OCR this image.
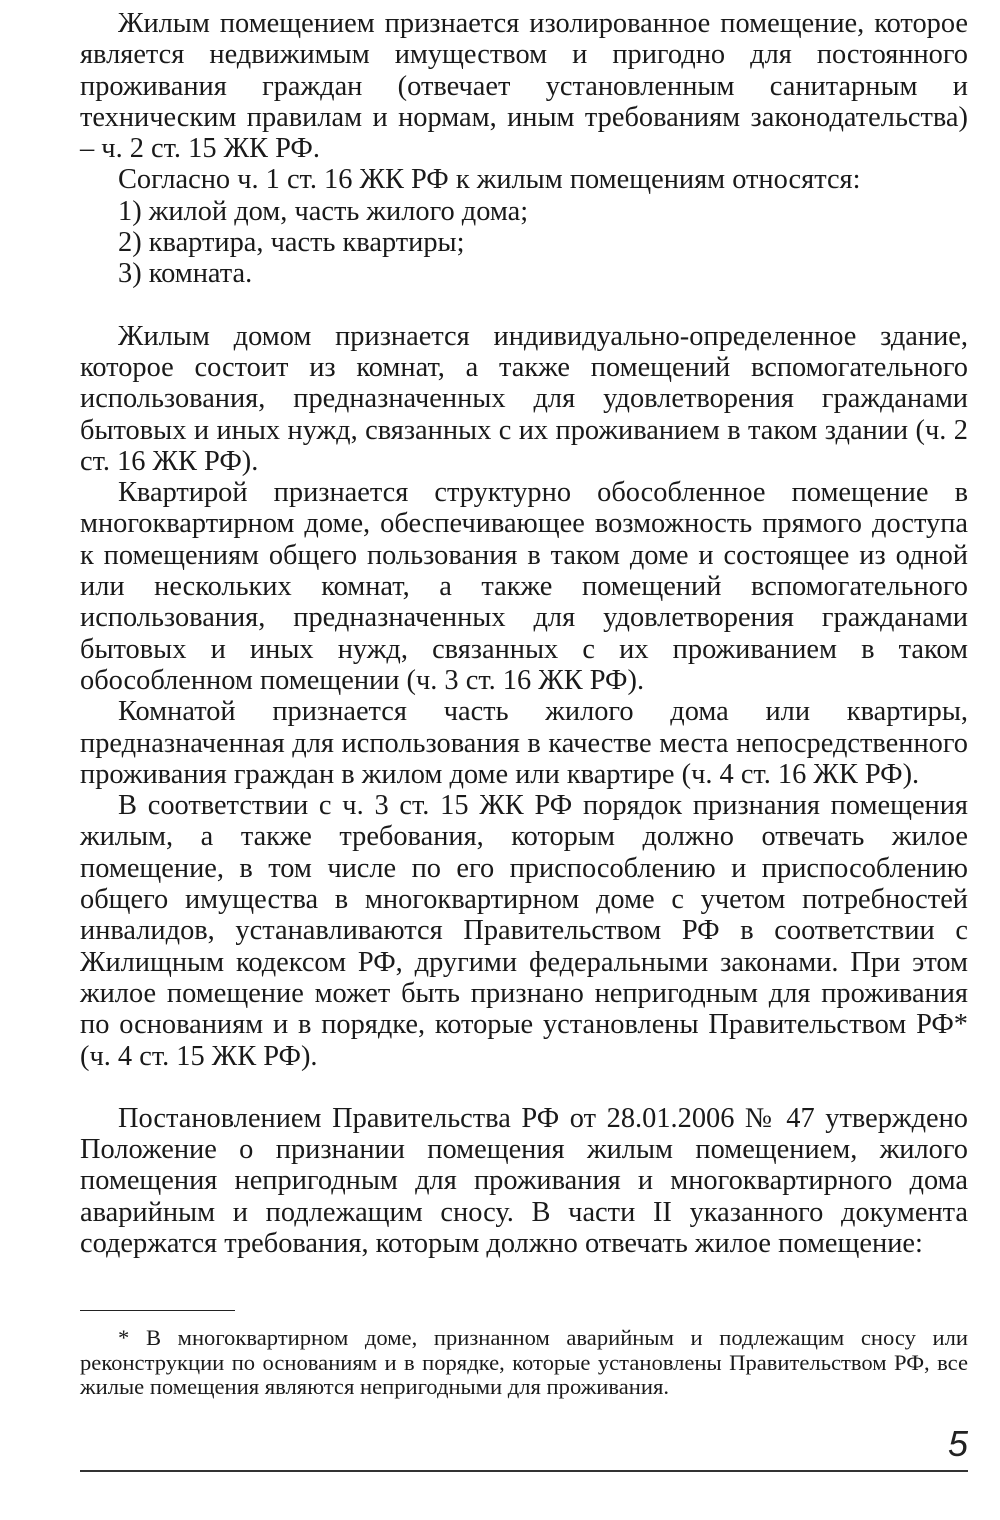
Жилым помещением признается изолированное помещение, которое является недвижимым имуществом и пригодно для постоянного проживания граждан (отвечает установленным санитарным и техническим правилам и нормам, иным требованиям законодательства) – ч. 2 ст. 15 ЖК РФ.

Согласно ч. 1 ст. 16 ЖК РФ к жилым помещениям относятся:

1) жилой дом, часть жилого дома;
2) квартира, часть квартиры;
3) комната.

Жилым домом признается индивидуально-определенное здание, которое состоит из комнат, а также помещений вспомогательного использования, предназначенных для удовлетворения гражданами бытовых и иных нужд, связанных с их проживанием в таком здании (ч. 2 ст. 16 ЖК РФ).

Квартирой признается структурно обособленное помещение в многоквартирном доме, обеспечивающее возможность прямого доступа к помещениям общего пользования в таком доме и состоящее из одной или нескольких комнат, а также помещений вспомогательного использования, предназначенных для удовлетворения гражданами бытовых и иных нужд, связанных с их проживанием в таком обособленном помещении (ч. 3 ст. 16 ЖК РФ).

Комнатой признается часть жилого дома или квартиры, предназначенная для использования в качестве места непосредственного проживания граждан в жилом доме или квартире (ч. 4 ст. 16 ЖК РФ).

В соответствии с ч. 3 ст. 15 ЖК РФ порядок признания помещения жилым, а также требования, которым должно отвечать жилое помещение, в том числе по его приспособлению и приспособлению общего имущества в многоквартирном доме с учетом потребностей инвалидов, устанавливаются Правительством РФ в соответствии с Жилищным кодексом РФ, другими федеральными законами. При этом жилое помещение может быть признано непригодным для проживания по основаниям и в порядке, которые установлены Правительством РФ* (ч. 4 ст. 15 ЖК РФ).

Постановлением Правительства РФ от 28.01.2006 № 47 утверждено Положение о признании помещения жилым помещением, жилого помещения непригодным для проживания и многоквартирного дома аварийным и подлежащим сносу. В части II указанного документа содержатся требования, которым должно отвечать жилое помещение:

* В многоквартирном доме, признанном аварийным и подлежащим сносу или реконструкции по основаниям и в порядке, которые установлены Правительством РФ, все жилые помещения являются непригодными для проживания.

5
